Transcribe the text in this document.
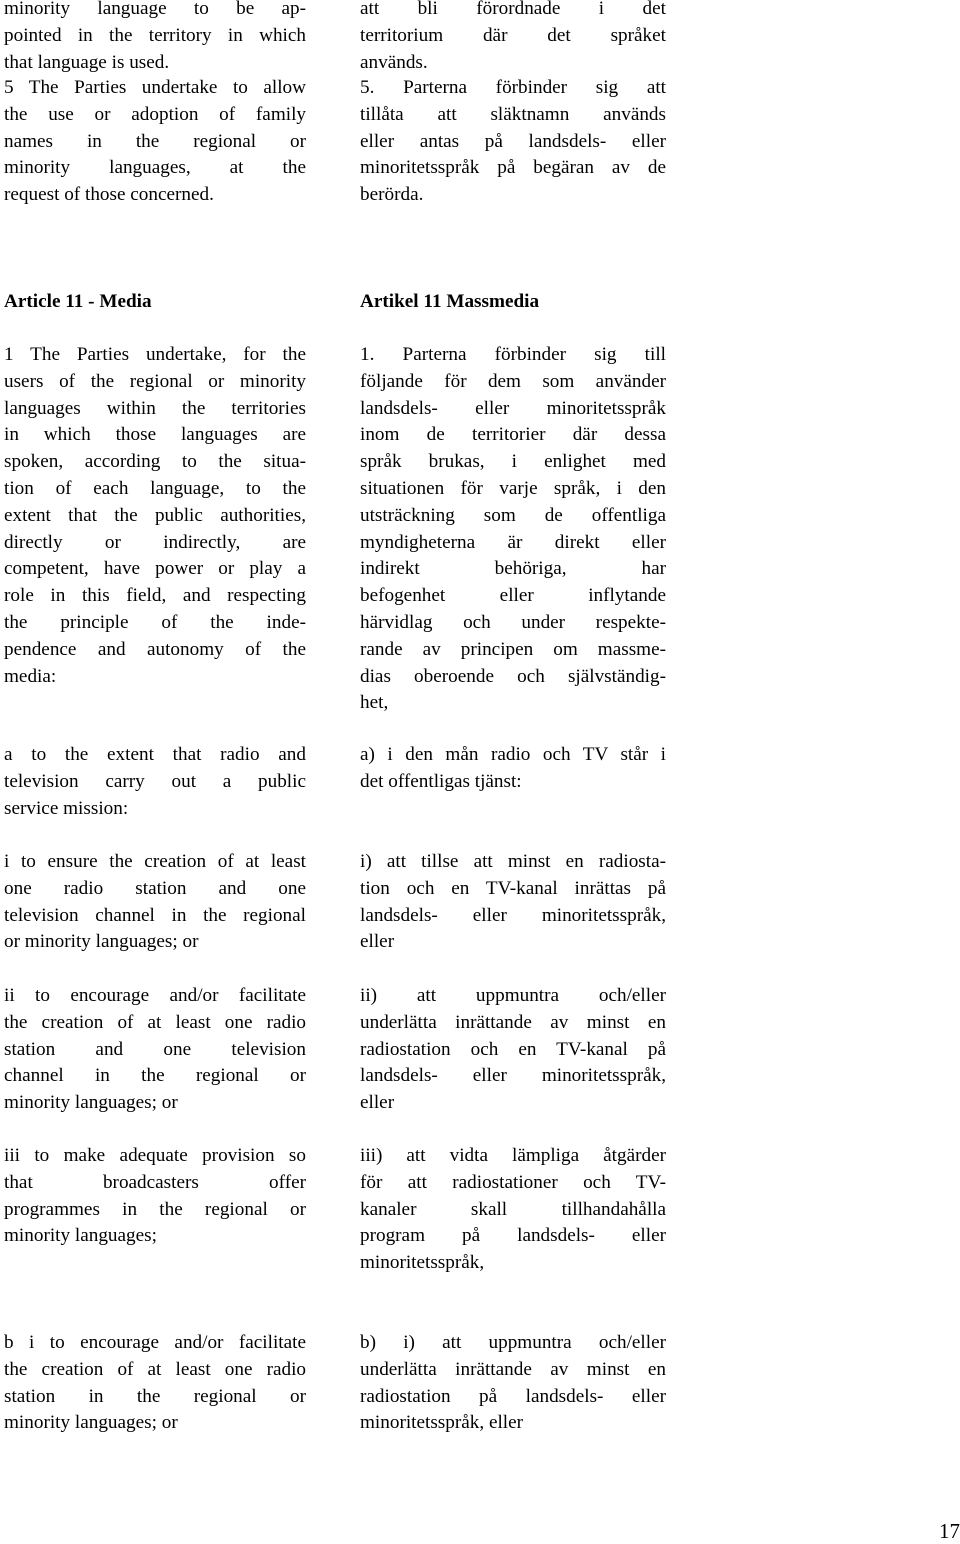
minority language to be ap-

pointed in the territory in which

that language is used.

att bli förordnade i det

territorium där det språket

används.

5 The Parties undertake to allow

the use or adoption of family

names in the regional or

minority languages, at the

request of those concerned.

5. Parterna förbinder sig att

tillåta att släktnamn används

eller antas på landsdels- eller

minoritetsspråk på begäran av de

berörda.

Article 11 - Media	Artikel 11 Massmedia

1 The Parties undertake, for the

users of the regional or minority

languages within the territories

in which those languages are

spoken, according to the situa-

tion of each language, to the

extent that the public authorities,

directly or indirectly, are

competent, have power or play a

role in this field, and respecting

the principle of the inde-

pendence and autonomy of the

media:

1. Parterna förbinder sig till

följande för dem som använder

landsdels- eller minoritetsspråk

inom de territorier där dessa

språk brukas, i enlighet med

situationen för varje språk, i den

utsträckning som de offentliga

myndigheterna är direkt eller

indirekt behöriga, har

befogenhet eller inflytande

härvidlag och under respekte-

rande av principen om massme-

dias oberoende och självständig-

het,

a to the extent that radio and

television carry out a public

service mission:

a) i den mån radio och TV står i

det offentligas tjänst:

i to ensure the creation of at least

one radio station and one

television channel in the regional

or minority languages; or

i) att tillse att minst en radiosta-

tion och en TV-kanal inrättas på

landsdels- eller minoritetsspråk,

eller

ii to encourage and/or facilitate

the creation of at least one radio

station and one television

channel in the regional or

minority languages; or

ii) att uppmuntra och/eller

underlätta inrättande av minst en

radiostation och en TV-kanal på

landsdels- eller minoritetsspråk,

eller

iii to make adequate provision so

that broadcasters offer

programmes in the regional or

minority languages;

iii) att vidta lämpliga åtgärder

för att radiostationer och TV-

kanaler skall tillhandahålla

program på landsdels- eller

minoritetsspråk,

b i to encourage and/or facilitate

the creation of at least one radio

station in the regional or

minority languages; or

b) i) att uppmuntra och/eller

underlätta inrättande av minst en

radiostation på landsdels- eller

minoritetsspråk, eller

17
